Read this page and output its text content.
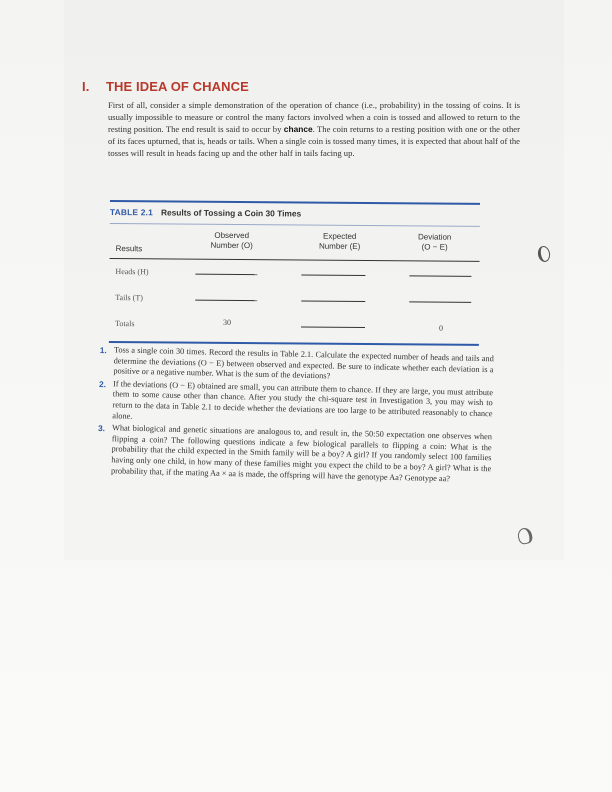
I. THE IDEA OF CHANCE
First of all, consider a simple demonstration of the operation of chance (i.e., probability) in the tossing of coins. It is usually impossible to measure or control the many factors involved when a coin is tossed and allowed to return to the resting position. The end result is said to occur by chance. The coin returns to a resting position with one or the other of its faces upturned, that is, heads or tails. When a single coin is tossed many times, it is expected that about half of the tosses will result in heads facing up and the other half in tails facing up.
TABLE 2.1 Results of Tossing a Coin 30 Times
Results
Observed
Number (O)
Expected
Number (E)
Deviation
(O − E)
Heads (H)
Tails (T)
Totals	30
0
1. Toss a single coin 30 times. Record the results in Table 2.1. Calculate the expected number of heads and tails and determine the deviations (O − E) between observed and expected. Be sure to indicate whether each deviation is a positive or a negative number. What is the sum of the deviations?
2. If the deviations (O − E) obtained are small, you can attribute them to chance. If they are large, you must attribute them to some cause other than chance. After you study the chi-square test in Investigation 3, you may wish to return to the data in Table 2.1 to decide whether the deviations are too large to be attributed reasonably to chance alone.
3. What biological and genetic situations are analogous to, and result in, the 50:50 expectation one observes when flipping a coin? The following questions indicate a few biological parallels to flipping a coin: What is the probability that the child expected in the Smith family will be a boy? A girl? If you randomly select 100 families having only one child, in how many of these families might you expect the child to be a boy? A girl? What is the probability that, if the mating Aa × aa is made, the offspring will have the genotype Aa? Genotype aa?
